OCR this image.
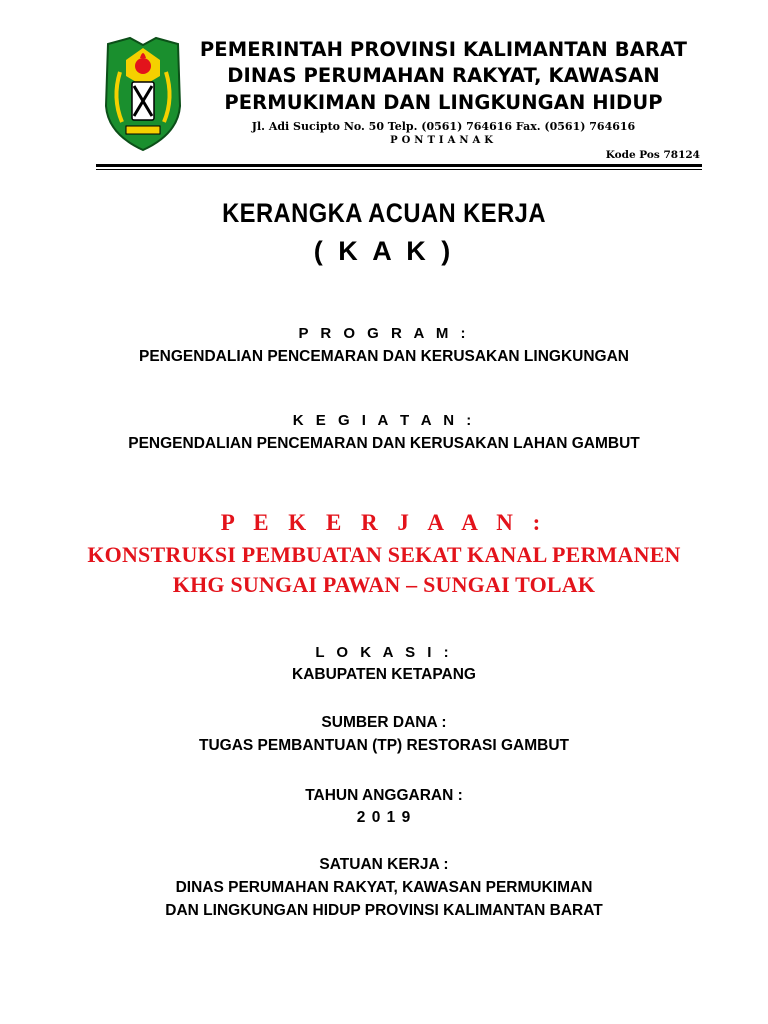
PEMERINTAH PROVINSI KALIMANTAN BARAT
DINAS PERUMAHAN RAKYAT, KAWASAN
PERMUKIMAN DAN LINGKUNGAN HIDUP
Jl. Adi Sucipto No. 50 Telp. (0561) 764616 Fax. (0561) 764616
PONTIANAK
Kode Pos 78124
KERANGKA ACUAN KERJA
( K A K )
P R O G R A M :
PENGENDALIAN PENCEMARAN DAN KERUSAKAN LINGKUNGAN
K E G I A T A N :
PENGENDALIAN PENCEMARAN DAN KERUSAKAN LAHAN GAMBUT
P E K E R J A A N :
KONSTRUKSI PEMBUATAN SEKAT KANAL PERMANEN
KHG SUNGAI PAWAN – SUNGAI TOLAK
L O K A S I :
KABUPATEN KETAPANG
SUMBER DANA :
TUGAS PEMBANTUAN (TP) RESTORASI GAMBUT
TAHUN ANGGARAN :
2 0 1 9
SATUAN KERJA :
DINAS PERUMAHAN RAKYAT, KAWASAN PERMUKIMAN
DAN LINGKUNGAN HIDUP PROVINSI KALIMANTAN BARAT
